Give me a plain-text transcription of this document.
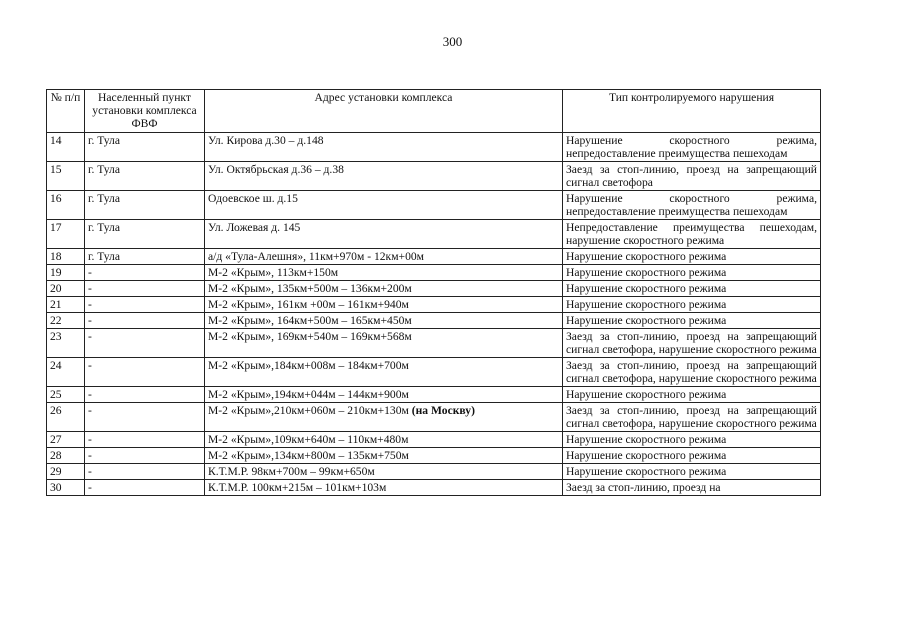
300
№ п/п	Населенный пункт установки комплекса ФВФ	Адрес установки комплекса	Тип контролируемого нарушения
14	г. Тула	Ул. Кирова д.30 – д.148	Нарушение скоростного режима, непредоставление преимущества пешеходам
15	г. Тула	Ул. Октябрьская д.36 – д.38	Заезд за стоп-линию, проезд на запрещающий сигнал светофора
16	г. Тула	Одоевское ш. д.15	Нарушение скоростного режима, непредоставление преимущества пешеходам
17	г. Тула	Ул. Ложевая д. 145	Непредоставление преимущества пешеходам, нарушение скоростного режима
18	г. Тула	а/д «Тула-Алешня», 11км+970м - 12км+00м	Нарушение скоростного режима
19	-	М-2 «Крым», 113км+150м	Нарушение скоростного режима
20	-	М-2 «Крым», 135км+500м – 136км+200м	Нарушение скоростного режима
21	-	М-2 «Крым», 161км +00м – 161км+940м	Нарушение скоростного режима
22	-	М-2 «Крым», 164км+500м – 165км+450м	Нарушение скоростного режима
23	-	М-2 «Крым», 169км+540м – 169км+568м	Заезд за стоп-линию, проезд на запрещающий сигнал светофора, нарушение скоростного режима
24	-	М-2 «Крым»,184км+008м – 184км+700м	Заезд за стоп-линию, проезд на запрещающий сигнал светофора, нарушение скоростного режима
25	-	М-2 «Крым»,194км+044м – 144км+900м	Нарушение скоростного режима
26	-	М-2 «Крым»,210км+060м – 210км+130м (на Москву)	Заезд за стоп-линию, проезд на запрещающий сигнал светофора, нарушение скоростного режима
27	-	М-2 «Крым»,109км+640м – 110км+480м	Нарушение скоростного режима
28	-	М-2 «Крым»,134км+800м – 135км+750м	Нарушение скоростного режима
29	-	К.Т.М.Р. 98км+700м – 99км+650м	Нарушение скоростного режима
30	-	К.Т.М.Р. 100км+215м – 101км+103м	Заезд за стоп-линию, проезд на
